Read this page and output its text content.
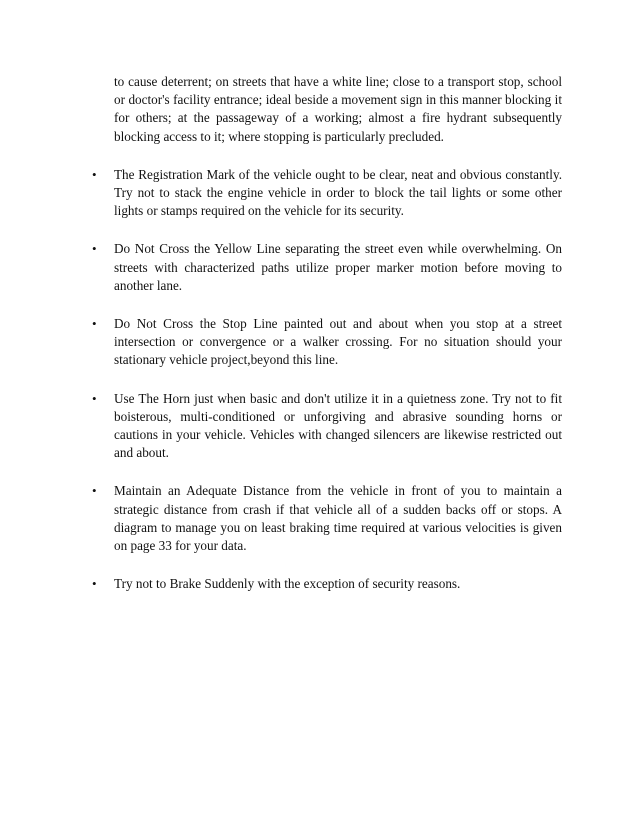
to cause deterrent; on streets that have a white line; close to a transport stop, school or doctor's facility entrance; ideal beside a movement sign in this manner blocking it for others; at the passageway of a working; almost a fire hydrant subsequently blocking access to it; where stopping is particularly precluded.

• The Registration Mark of the vehicle ought to be clear, neat and obvious constantly. Try not to stack the engine vehicle in order to block the tail lights or some other lights or stamps required on the vehicle for its security.

• Do Not Cross the Yellow Line separating the street even while overwhelming. On streets with characterized paths utilize proper marker motion before moving to another lane.

• Do Not Cross the Stop Line painted out and about when you stop at a street intersection or convergence or a walker crossing. For no situation should your stationary vehicle project,beyond this line.

• Use The Horn just when basic and don't utilize it in a quietness zone. Try not to fit boisterous, multi-conditioned or unforgiving and abrasive sounding horns or cautions in your vehicle. Vehicles with changed silencers are likewise restricted out and about.

• Maintain an Adequate Distance from the vehicle in front of you to maintain a strategic distance from crash if that vehicle all of a sudden backs off or stops. A diagram to manage you on least braking time required at various velocities is given on page 33 for your data.

• Try not to Brake Suddenly with the exception of security reasons.
